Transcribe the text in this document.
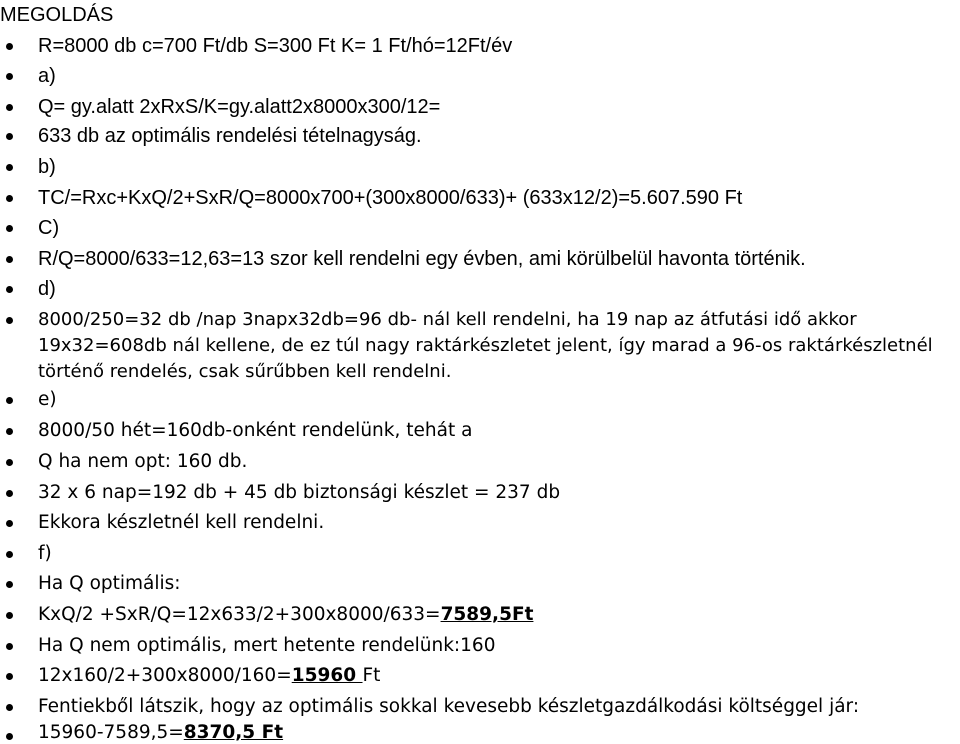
MEGOLDÁS
R=8000 db c=700 Ft/db S=300 Ft K= 1 Ft/hó=12Ft/év
a)
Q= gy.alatt 2xRxS/K=gy.alatt2x8000x300/12=
633 db az optimális rendelési tételnagyság.
b)
TC/=Rxc+KxQ/2+SxR/Q=8000x700+(300x8000/633)+ (633x12/2)=5.607.590 Ft
C)
R/Q=8000/633=12,63=13 szor kell rendelni egy évben, ami körülbelül havonta történik.
d)
8000/250=32 db /nap 3napx32db=96 db- nál kell rendelni, ha 19 nap az átfutási idő akkor 19x32=608db nál kellene, de ez túl nagy raktárkészletet jelent, így marad a 96-os raktárkészletnél történő rendelés, csak sűrűbben kell rendelni.
e)
8000/50 hét=160db-onként rendelünk, tehát a
Q ha nem opt: 160 db.
32 x 6 nap=192 db + 45 db biztonsági készlet = 237 db
Ekkora készletnél kell rendelni.
f)
Ha Q optimális:
KxQ/2 +SxR/Q=12x633/2+300x8000/633=7589,5Ft
Ha Q nem optimális, mert hetente rendelünk:160
12x160/2+300x8000/160=15960 Ft
Fentiekből látszik, hogy az optimális sokkal kevesebb készletgazdálkodási költséggel jár:
15960-7589,5=8370,5 Ft
